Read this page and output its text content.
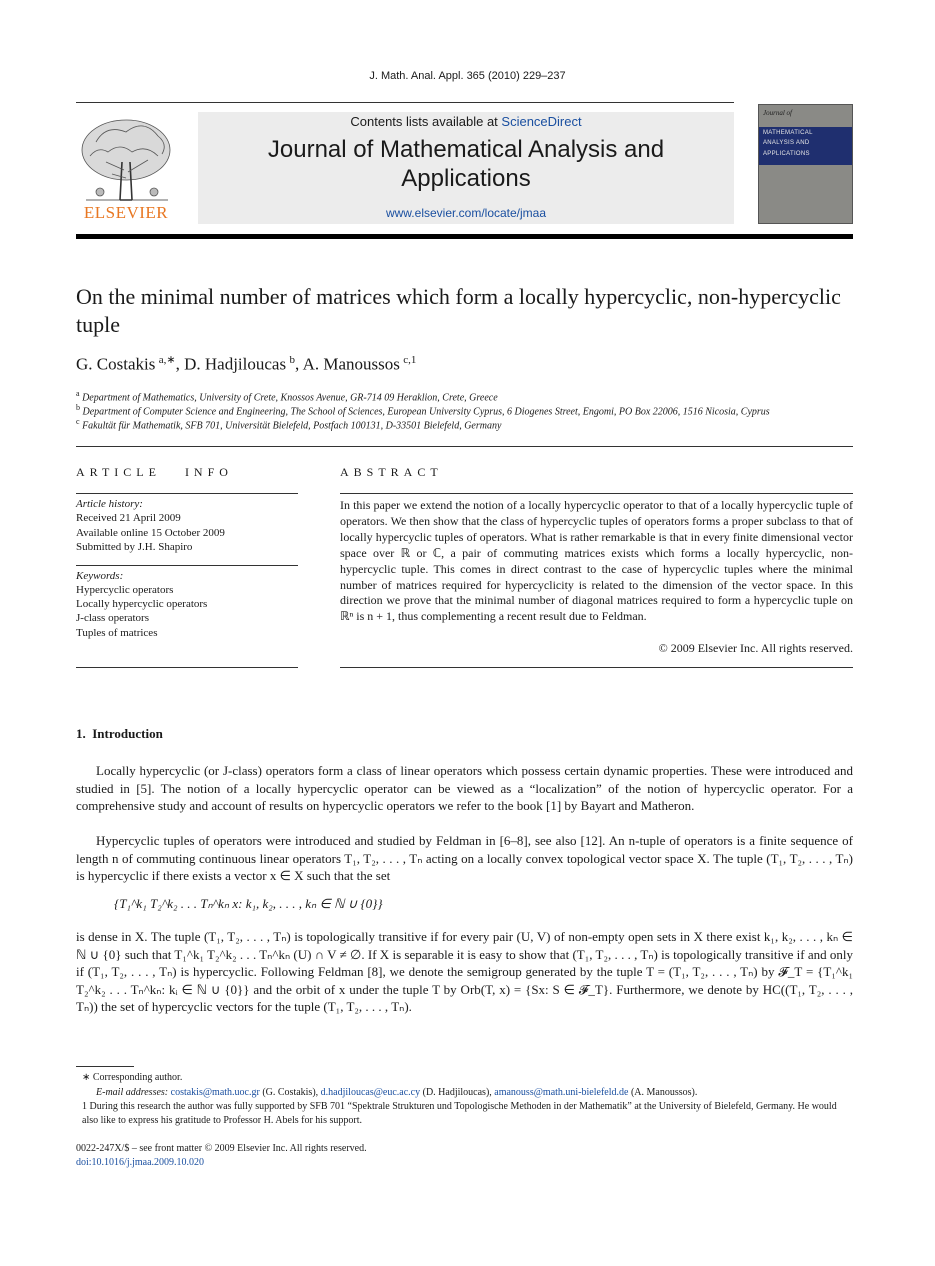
J. Math. Anal. Appl. 365 (2010) 229–237
ELSEVIER
Contents lists available at ScienceDirect
Journal of Mathematical Analysis and Applications
www.elsevier.com/locate/jmaa
Journal of
MATHEMATICAL
ANALYSIS AND
APPLICATIONS
On the minimal number of matrices which form a locally hypercyclic, non-hypercyclic tuple
G. Costakis  $^{a,∗}$, D. Hadjiloucas  $^b$, A. Manoussos  $^{c,1}$
$^a$ Department of Mathematics, University of Crete, Knossos Avenue, GR-714 09 Heraklion, Crete, Greece
$^b$ Department of Computer Science and Engineering, The School of Sciences, European University Cyprus, 6 Diogenes Street, Engomi, PO Box 22006, 1516 Nicosia, Cyprus
$^c$ Fakultät für Mathematik, SFB 701, Universität Bielefeld, Postfach 100131, D-33501 Bielefeld, Germany
ARTICLE   INFO
Article history:
Received 21 April 2009
Available online 15 October 2009
Submitted by J.H. Shapiro
Keywords:
Hypercyclic operators
Locally hypercyclic operators
J-class operators
Tuples of matrices
ABSTRACT
In this paper we extend the notion of a locally hypercyclic operator to that of a locally hypercyclic tuple of operators. We then show that the class of hypercyclic tuples of operators forms a proper subclass to that of locally hypercyclic tuples of operators. What is rather remarkable is that in every finite dimensional vector space over ℝ or ℂ, a pair of commuting matrices exists which forms a locally hypercyclic, non-hypercyclic tuple. This comes in direct contrast to the case of hypercyclic tuples where the minimal number of matrices required for hypercyclicity is related to the dimension of the vector space. In this direction we prove that the minimal number of diagonal matrices required to form a hypercyclic tuple on ℝⁿ is n + 1, thus complementing a recent result due to Feldman.
© 2009 Elsevier Inc. All rights reserved.
1.  Introduction
Locally hypercyclic (or J-class) operators form a class of linear operators which possess certain dynamic properties. These were introduced and studied in [5]. The notion of a locally hypercyclic operator can be viewed as a “localization” of the notion of hypercyclic operator. For a comprehensive study and account of results on hypercyclic operators we refer to the book [1] by Bayart and Matheron.
Hypercyclic tuples of operators were introduced and studied by Feldman in [6–8], see also [12]. An n-tuple of operators is a finite sequence of length n of commuting continuous linear operators T₁, T₂, . . . , Tₙ acting on a locally convex topological vector space X. The tuple (T₁, T₂, . . . , Tₙ) is hypercyclic if there exists a vector x ∈ X such that the set
{T₁^k₁ T₂^k₂ . . . Tₙ^kₙ x: k₁, k₂, . . . , kₙ ∈ ℕ ∪ {0}}
is dense in X. The tuple (T₁, T₂, . . . , Tₙ) is topologically transitive if for every pair (U, V) of non-empty open sets in X there exist k₁, k₂, . . . , kₙ ∈ ℕ ∪ {0} such that T₁^k₁ T₂^k₂ . . . Tₙ^kₙ (U) ∩ V ≠ ∅. If X is separable it is easy to show that (T₁, T₂, . . . , Tₙ) is topologically transitive if and only if (T₁, T₂, . . . , Tₙ) is hypercyclic. Following Feldman [8], we denote the semigroup generated by the tuple T = (T₁, T₂, . . . , Tₙ) by 𝓕_T = {T₁^k₁ T₂^k₂ . . . Tₙ^kₙ: kᵢ ∈ ℕ ∪ {0}} and the orbit of x under the tuple T by Orb(T, x) = {Sx: S ∈ 𝓕_T}. Furthermore, we denote by HC((T₁, T₂, . . . , Tₙ)) the set of hypercyclic vectors for the tuple (T₁, T₂, . . . , Tₙ).
∗ Corresponding author.
E-mail addresses: costakis@math.uoc.gr (G. Costakis), d.hadjiloucas@euc.ac.cy (D. Hadjiloucas), amanouss@math.uni-bielefeld.de (A. Manoussos).
1 During this research the author was fully supported by SFB 701 “Spektrale Strukturen und Topologische Methoden in der Mathematik” at the University of Bielefeld, Germany. He would also like to express his gratitude to Professor H. Abels for his support.
0022-247X/$ – see front matter © 2009 Elsevier Inc. All rights reserved.
doi:10.1016/j.jmaa.2009.10.020
